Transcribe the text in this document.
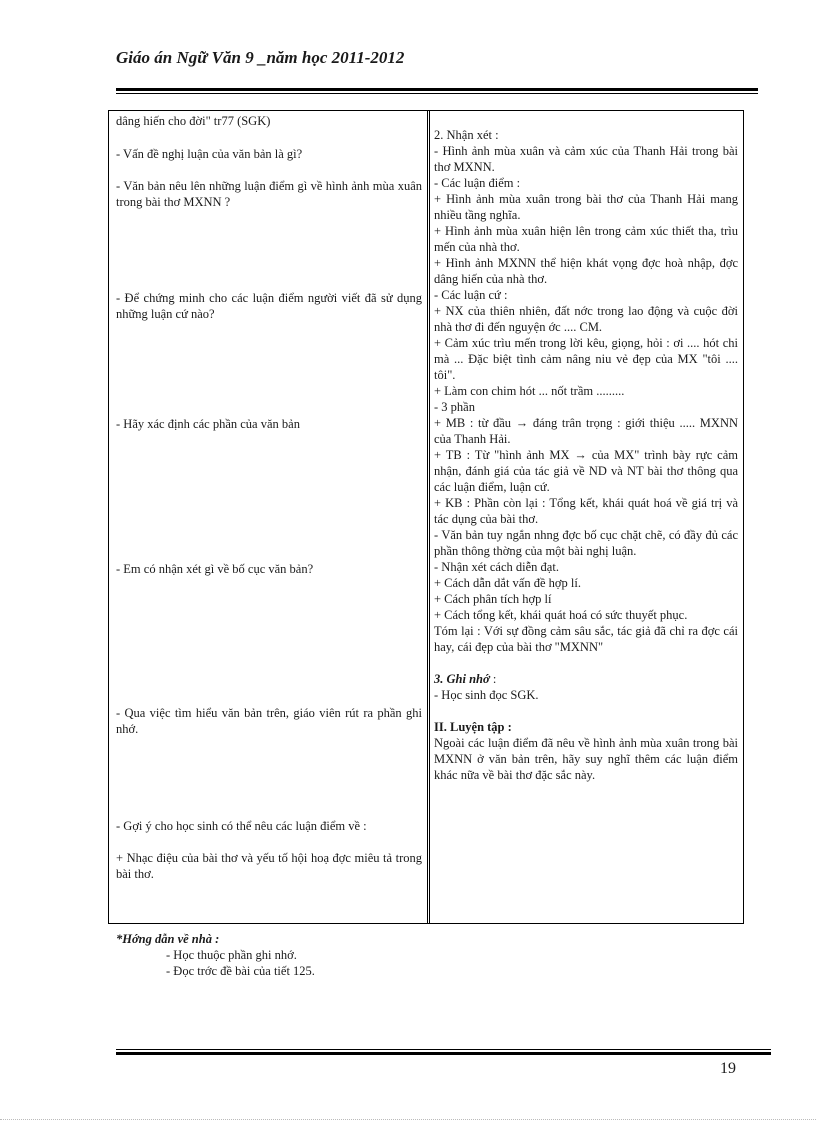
Giáo án Ngữ Văn 9 _năm học 2011-2012

dâng hiến cho đời" tr77 (SGK)

- Vấn đề nghị luận của văn bản là gì?

- Văn bản nêu lên những luận điểm gì về hình ảnh mùa xuân trong bài thơ MXNN ?

- Để chứng minh cho các luận điểm người viết đã sử dụng những luận cứ nào?

- Hãy xác định các phần của văn bản

- Em có nhận xét gì về bố cục văn bản?

- Qua việc tìm hiểu văn bản trên, giáo viên rút ra phần ghi nhớ.

- Gợi ý cho học sinh có thể nêu các luận điểm về :

+ Nhạc điệu của bài thơ và yếu tố hội hoạ đợc miêu tả trong bài thơ.

2. Nhận xét :

- Hình ảnh mùa xuân và cảm xúc của Thanh Hải trong bài thơ MXNN.

- Các luận điểm :

+ Hình ảnh mùa xuân trong bài thơ của Thanh Hải mang nhiều tầng nghĩa.

+ Hình ảnh mùa xuân hiện lên trong cảm xúc thiết tha, trìu mến của nhà thơ.

+ Hình ảnh MXNN thể hiện khát vọng đợc hoà nhập, đợc dâng hiến của nhà thơ.

- Các luận cứ :

+ NX của thiên nhiên, đất nớc trong lao động và cuộc đời nhà thơ đi đến nguyện ớc .... CM.

+ Cảm xúc trìu mến trong lời kêu, giọng, hỏi : ơi .... hót chi mà ... Đặc biệt tình cảm nâng niu vẻ đẹp của MX "tôi .... tôi".

+ Làm con chim hót ... nốt trầm .........

- 3 phần

+ MB : từ đầu → đáng trân trọng : giới thiệu ..... MXNN của Thanh Hải.

+ TB : Từ "hình ảnh MX → của MX" trình bày rực cảm nhận, đánh giá của tác giả về ND và NT bài thơ thông qua các luận điểm, luận cứ.

+ KB : Phần còn lại : Tổng kết, khái quát hoá về giá trị và tác dụng của bài thơ.

- Văn bản tuy ngắn nhng đợc bố cục chặt chẽ, có đầy đủ các phần thông thờng của một bài nghị luận.

- Nhận xét cách diễn đạt.

+ Cách dẫn dắt vấn đề hợp lí.

+ Cách phân tích hợp lí

+ Cách tổng kết, khái quát hoá có sức thuyết phục.

Tóm lại : Với sự đồng cảm sâu sắc, tác giả đã chỉ ra đợc cái hay, cái đẹp của bài thơ "MXNN"

3. Ghi nhớ :

- Học sinh đọc SGK.

II. Luyện tập :

Ngoài các luận điểm đã nêu về hình ảnh mùa xuân trong bài MXNN ở văn bản trên, hãy suy nghĩ thêm các luận điểm khác nữa về bài thơ đặc sắc này.

*Hớng dẫn về nhà :

- Học thuộc phần ghi nhớ.

- Đọc trớc đề bài của tiết 125.

19
